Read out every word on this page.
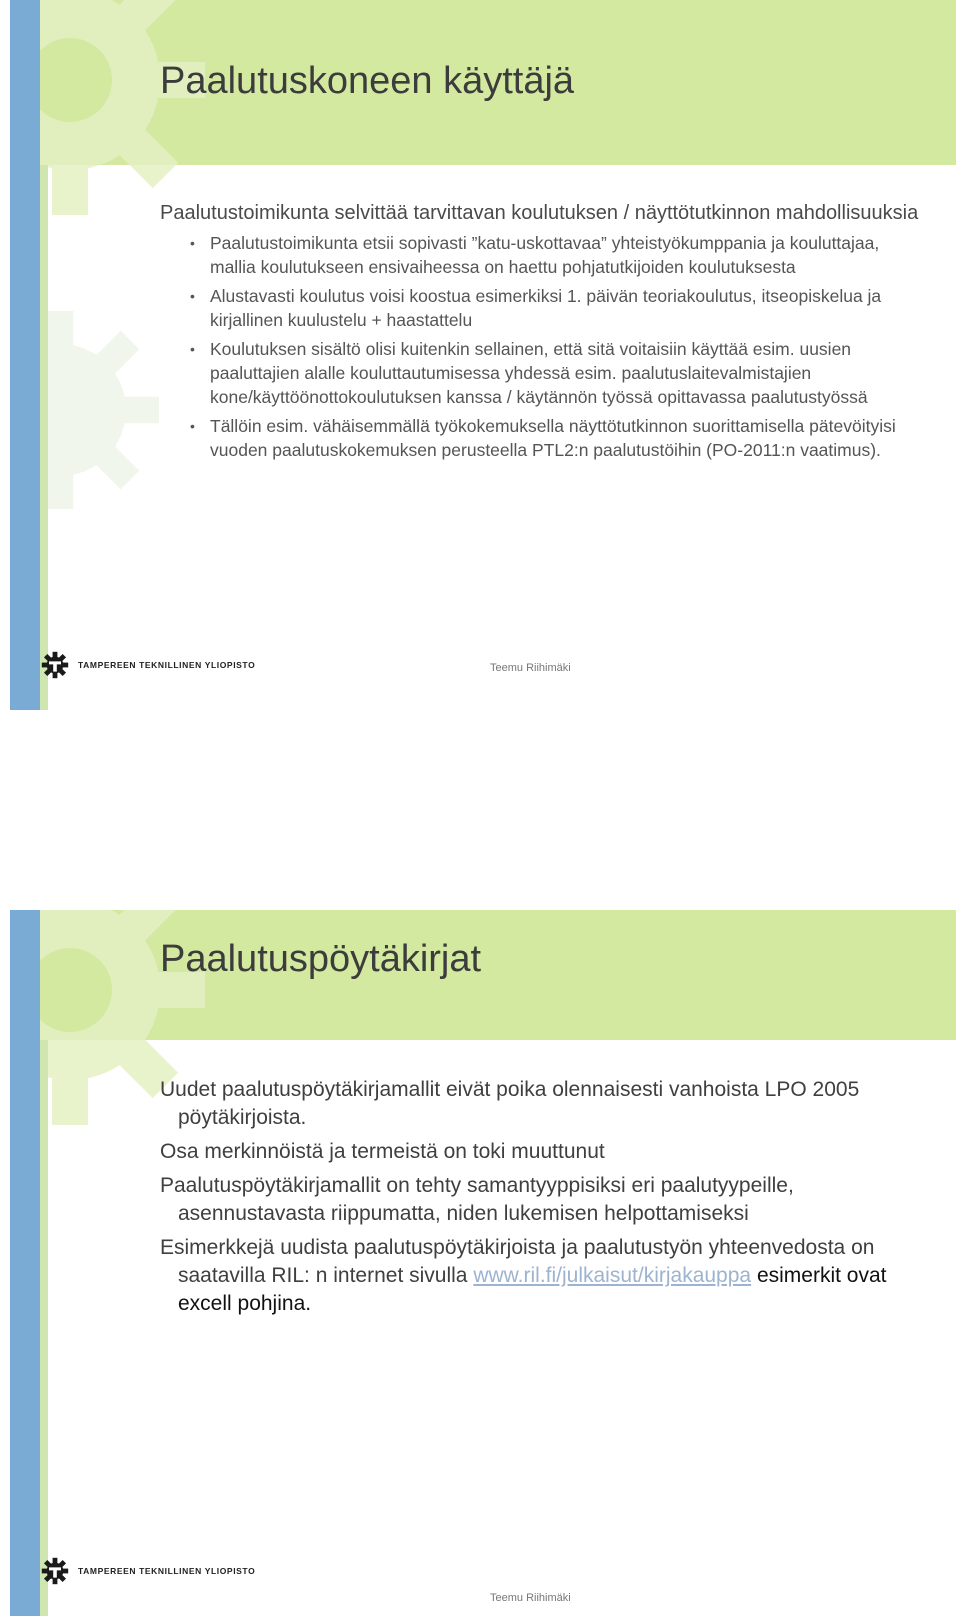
Paalutuskoneen käyttäjä

Paalutustoimikunta selvittää tarvittavan koulutuksen / näyttötutkinnon mahdollisuuksia

• Paalutustoimikunta etsii sopivasti ”katu-uskottavaa” yhteistyökumppania ja kouluttajaa, mallia koulutukseen ensivaiheessa on haettu pohjatutkijoiden koulutuksesta
• Alustavasti koulutus voisi koostua esimerkiksi 1. päivän teoriakoulutus, itseopiskelua ja kirjallinen kuulustelu + haastattelu
• Koulutuksen sisältö olisi kuitenkin sellainen, että sitä voitaisiin käyttää esim. uusien paaluttajien alalle kouluttautumisessa yhdessä esim. paalutuslaitevalmistajien kone/käyttöönottokoulutuksen kanssa / käytännön työssä opittavassa paalutustyössä
• Tällöin esim. vähäisemmällä työkokemuksella näyttötutkinnon suorittamisella pätevöityisi vuoden paalutuskokemuksen perusteella PTL2:n paalutustöihin (PO-2011:n vaatimus).
TAMPEREEN TEKNILLINEN YLIOPISTO	Teemu Riihimäki
Paalutuspöytäkirjat

Uudet paalutuspöytäkirjamallit eivät poika olennaisesti vanhoista LPO 2005 pöytäkirjoista.

Osa merkinnöistä ja termeistä on toki muuttunut

Paalutuspöytäkirjamallit on tehty samantyyppisiksi eri paalutyypeille, asennustavasta riippumatta, niden lukemisen helpottamiseksi

Esimerkkejä uudista paalutuspöytäkirjoista ja paalutustyön yhteenvedosta on saatavilla RIL: n internet sivulla www.ril.fi/julkaisut/kirjakauppa esimerkit ovat excell pohjina.

TAMPEREEN TEKNILLINEN YLIOPISTO
Teemu Riihimäki
